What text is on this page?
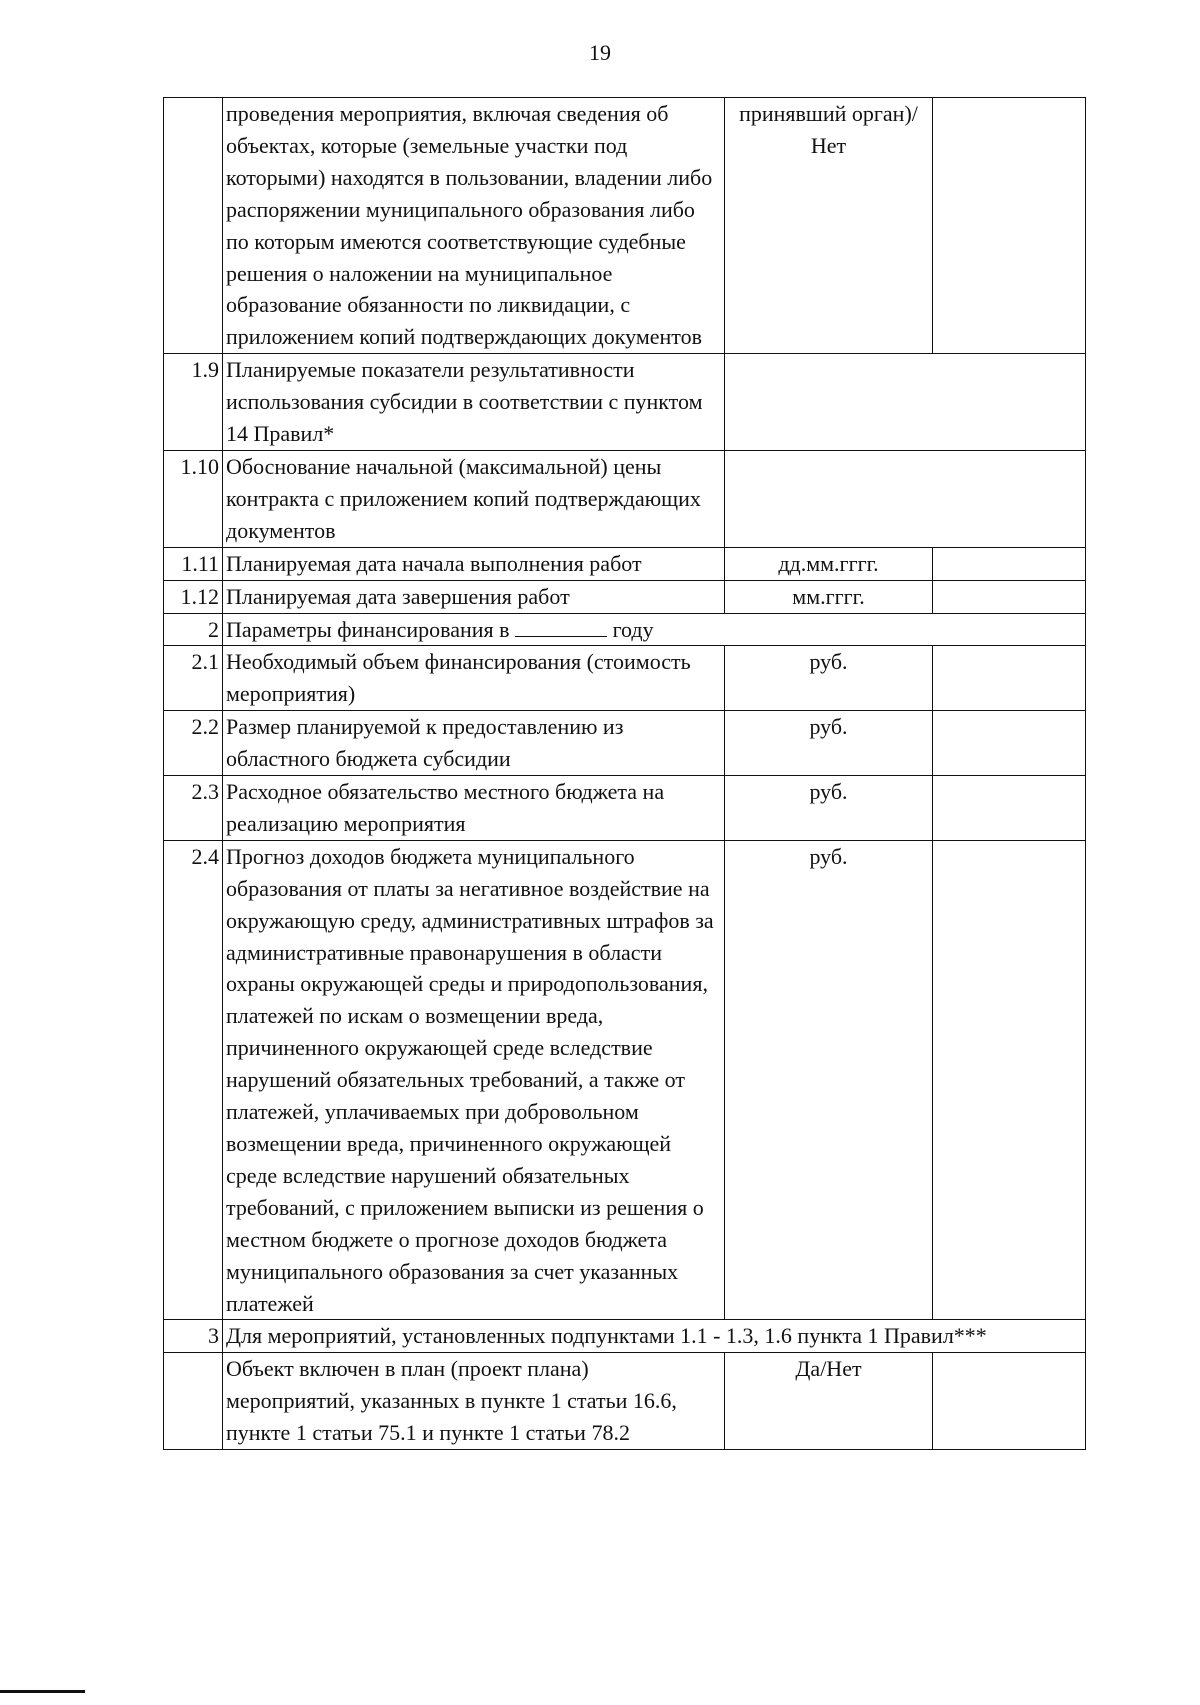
19
	проведения мероприятия, включая сведения об объектах, которые (земельные участки под которыми) находятся в пользовании, владении либо распоряжении муниципального образования либо по которым имеются соответствующие судебные решения о наложении на муниципальное образование обязанности по ликвидации, с приложением копий подтверждающих документов	принявший орган)/Нет	
1.9	Планируемые показатели результативности использования субсидии в соответствии с пунктом 14 Правил*		
1.10	Обоснование начальной (максимальной) цены контракта с приложением копий подтверждающих документов		
1.11	Планируемая дата начала выполнения работ	дд.мм.гггг.	
1.12	Планируемая дата завершения работ	мм.гггг.	
2	Параметры финансирования в году		
2.1	Необходимый объем финансирования (стоимость мероприятия)	руб.	
2.2	Размер планируемой к предоставлению из областного бюджета субсидии	руб.	
2.3	Расходное обязательство местного бюджета на реализацию мероприятия	руб.	
2.4	Прогноз доходов бюджета муниципального образования от платы за негативное воздействие на окружающую среду, административных штрафов за административные правонарушения в области охраны окружающей среды и природопользования, платежей по искам о возмещении вреда, причиненного окружающей среде вследствие нарушений обязательных требований, а также от платежей, уплачиваемых при добровольном возмещении вреда, причиненного окружающей среде вследствие нарушений обязательных требований, с приложением выписки из решения о местном бюджете о прогнозе доходов бюджета муниципального образования за счет указанных платежей	руб.	
3	Для мероприятий, установленных подпунктами 1.1 - 1.3, 1.6 пункта 1 Правил***		
	Объект включен в план (проект плана) мероприятий, указанных в пункте 1 статьи 16.6, пункте 1 статьи 75.1 и пункте 1 статьи 78.2	Да/Нет	
